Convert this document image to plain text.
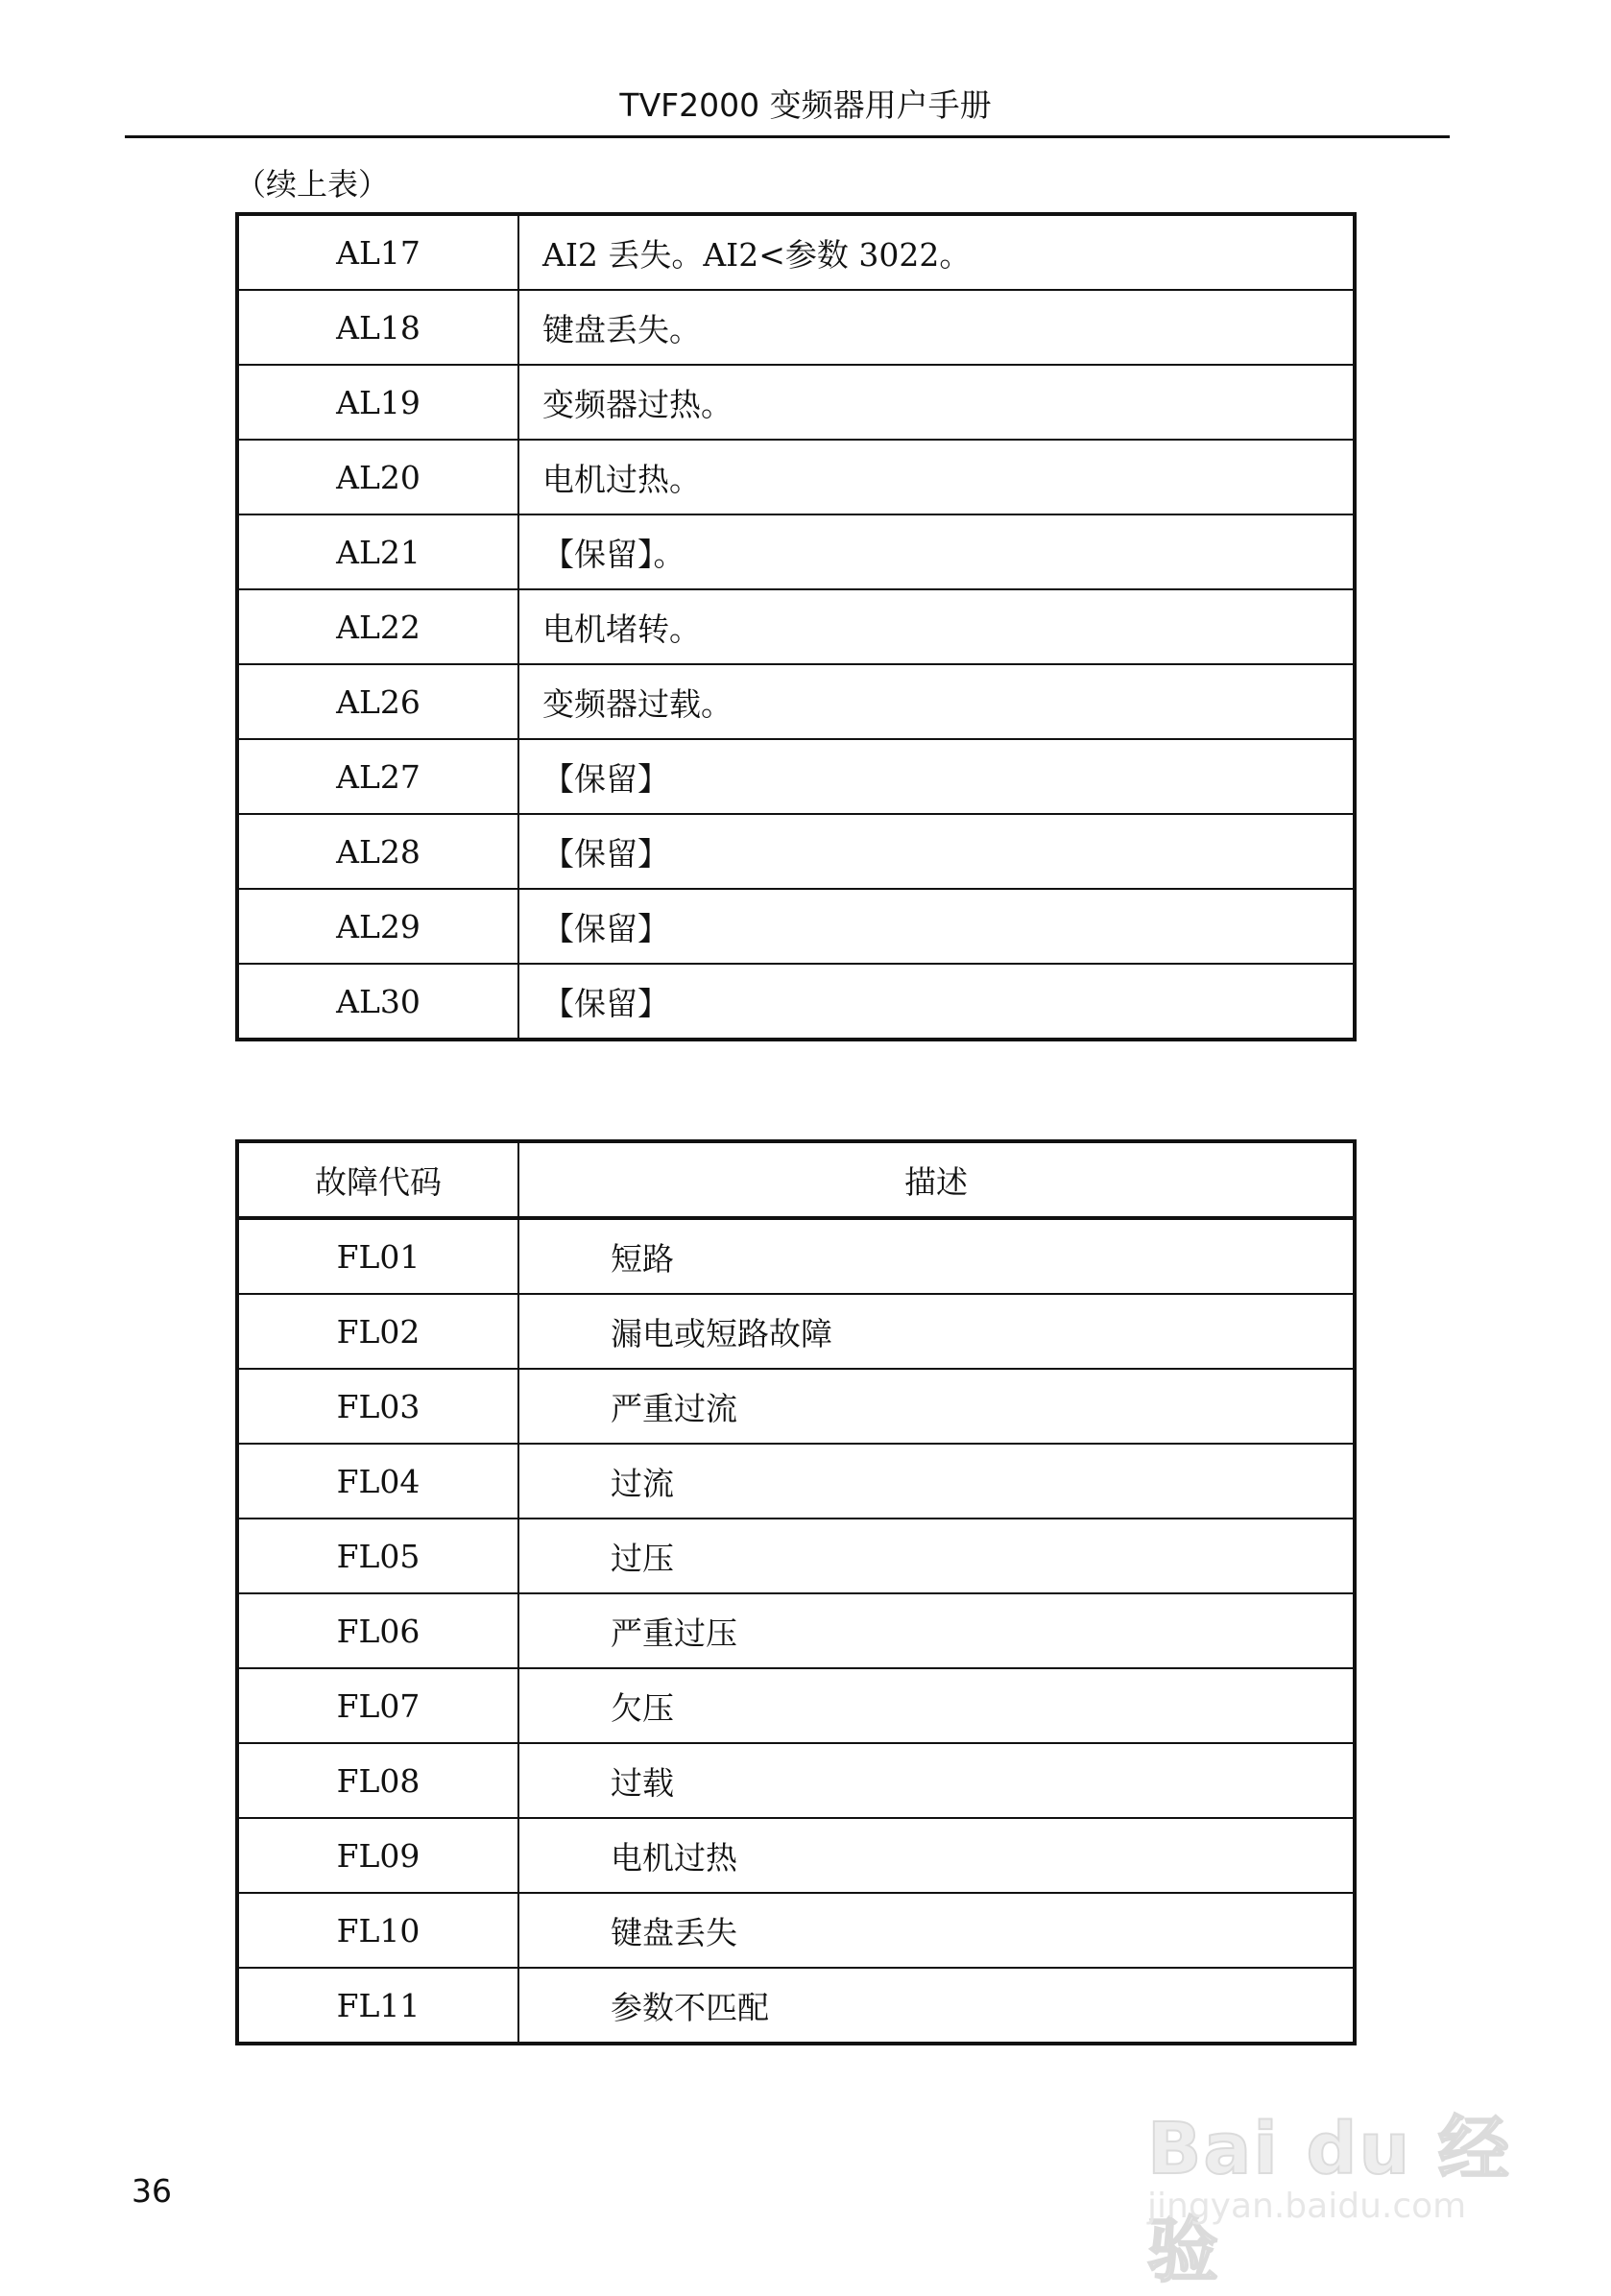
TVF2000 变频器用户手册
（续上表）
AL17	AI2 丢失。AI2<参数 3022。
AL18	键盘丢失。
AL19	变频器过热。
AL20	电机过热。
AL21	【保留】。
AL22	电机堵转。
AL26	变频器过载。
AL27	【保留】
AL28	【保留】
AL29	【保留】
AL30	【保留】
故障代码	描述
FL01	短路
FL02	漏电或短路故障
FL03	严重过流
FL04	过流
FL05	过压
FL06	严重过压
FL07	欠压
FL08	过载
FL09	电机过热
FL10	键盘丢失
FL11	参数不匹配
36
Bai du 经验
jingyan.baidu.com
